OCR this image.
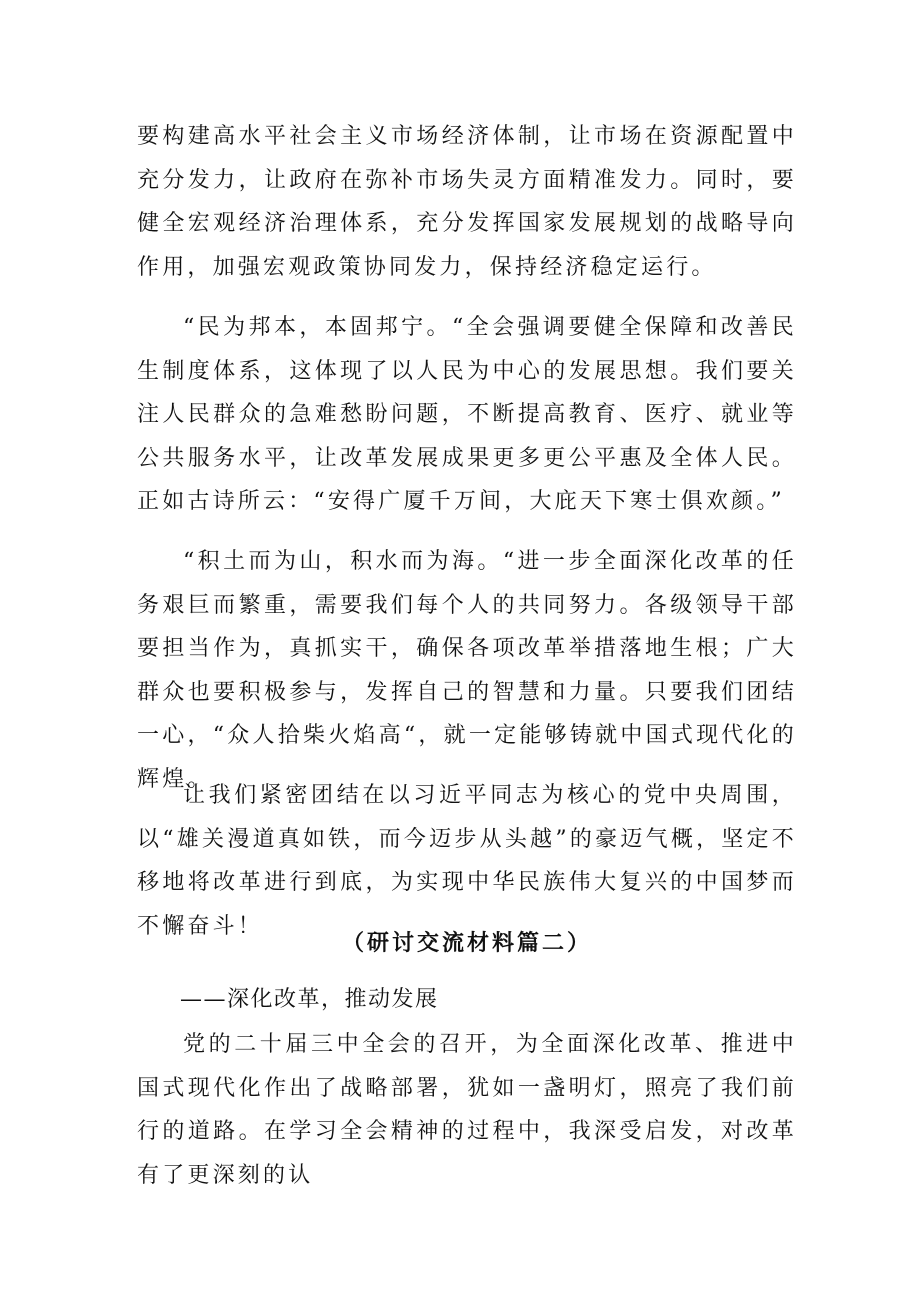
要构建高水平社会主义市场经济体制，让市场在资源配置中充分发力，让政府在弥补市场失灵方面精准发力。同时，要健全宏观经济治理体系，充分发挥国家发展规划的战略导向作用，加强宏观政策协同发力，保持经济稳定运行。

“民为邦本，本固邦宁。“全会强调要健全保障和改善民生制度体系，这体现了以人民为中心的发展思想。我们要关注人民群众的急难愁盼问题，不断提高教育、医疗、就业等公共服务水平，让改革发展成果更多更公平惠及全体人民。正如古诗所云：“安得广厦千万间，大庇天下寒士俱欢颜。”

“积土而为山，积水而为海。“进一步全面深化改革的任务艰巨而繁重，需要我们每个人的共同努力。各级领导干部要担当作为，真抓实干，确保各项改革举措落地生根；广大群众也要积极参与，发挥自己的智慧和力量。只要我们团结一心，“众人拾柴火焰高“，就一定能够铸就中国式现代化的辉煌。

让我们紧密团结在以习近平同志为核心的党中央周围，以“雄关漫道真如铁，而今迈步从头越”的豪迈气概，坚定不移地将改革进行到底，为实现中华民族伟大复兴的中国梦而不懈奋斗！

（研讨交流材料篇二）

——深化改革，推动发展

党的二十届三中全会的召开，为全面深化改革、推进中国式现代化作出了战略部署，犹如一盏明灯，照亮了我们前行的道路。在学习全会精神的过程中，我深受启发，对改革有了更深刻的认
